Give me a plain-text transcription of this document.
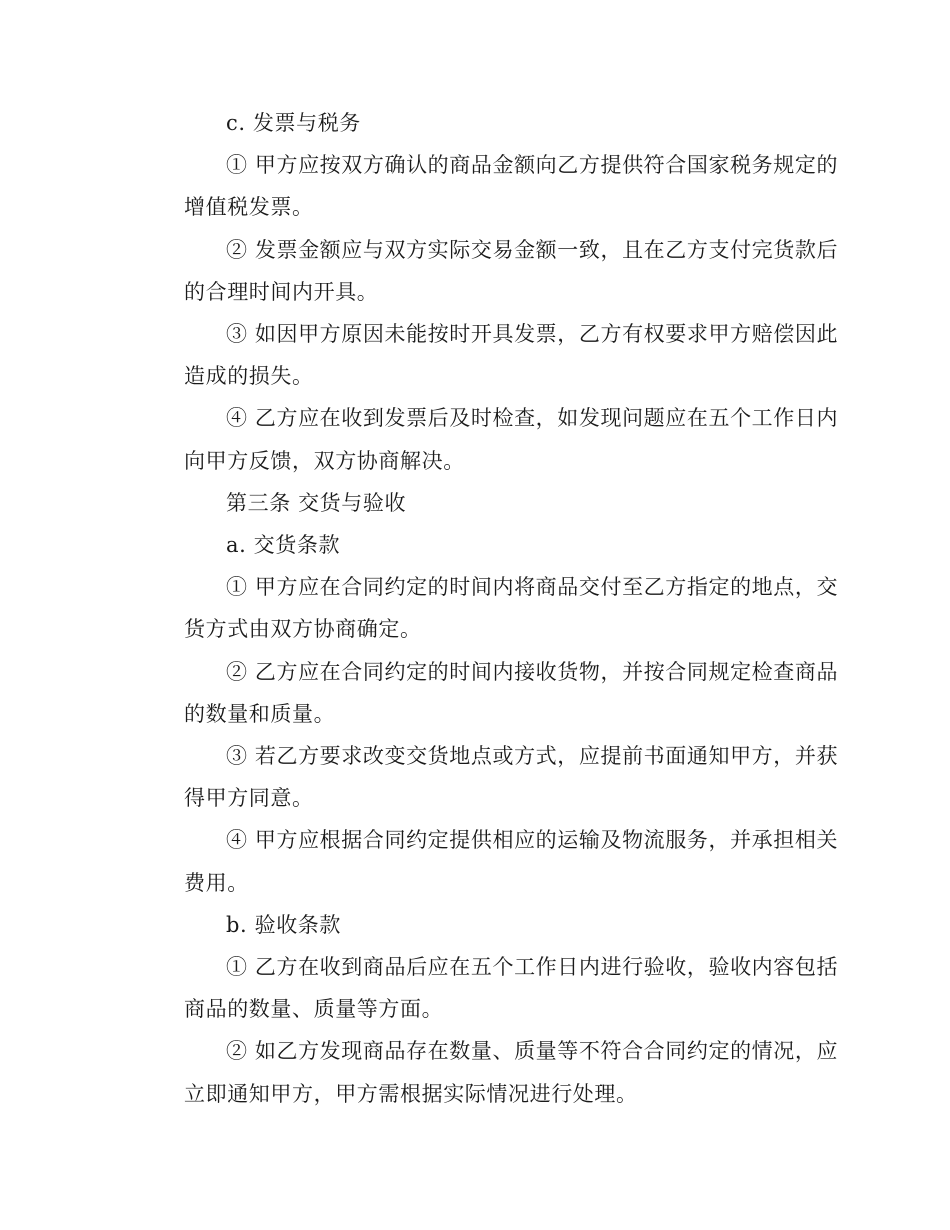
c. 发票与税务

① 甲方应按双方确认的商品金额向乙方提供符合国家税务规定的
增值税发票。

② 发票金额应与双方实际交易金额一致，且在乙方支付完货款后
的合理时间内开具。

③ 如因甲方原因未能按时开具发票，乙方有权要求甲方赔偿因此
造成的损失。

④ 乙方应在收到发票后及时检查，如发现问题应在五个工作日内
向甲方反馈，双方协商解决。

第三条 交货与验收

a. 交货条款

① 甲方应在合同约定的时间内将商品交付至乙方指定的地点，交
货方式由双方协商确定。

② 乙方应在合同约定的时间内接收货物，并按合同规定检查商品
的数量和质量。

③ 若乙方要求改变交货地点或方式，应提前书面通知甲方，并获
得甲方同意。

④ 甲方应根据合同约定提供相应的运输及物流服务，并承担相关
费用。

b. 验收条款

① 乙方在收到商品后应在五个工作日内进行验收，验收内容包括
商品的数量、质量等方面。

② 如乙方发现商品存在数量、质量等不符合合同约定的情况，应
立即通知甲方，甲方需根据实际情况进行处理。
